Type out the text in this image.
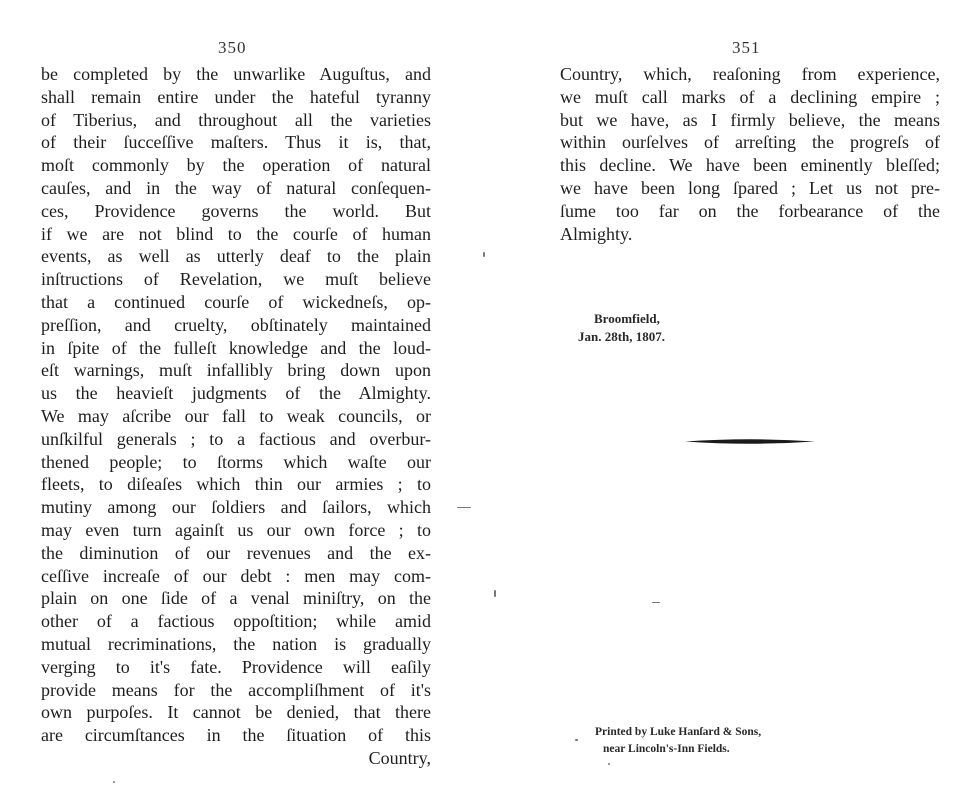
350
be completed by the unwarlike Auguſtus, and
shall remain entire under the hateful tyranny
of Tiberius, and throughout all the varieties
of their ſucceſſive maſters. Thus it is, that,
moſt commonly by the operation of natural
cauſes, and in the way of natural conſequen-
ces, Providence governs the world. But
if we are not blind to the courſe of human
events, as well as utterly deaf to the plain
inſtructions of Revelation, we muſt believe
that a continued courſe of wickedneſs, op-
preſſion, and cruelty, obſtinately maintained
in ſpite of the fulleſt knowledge and the loud-
eſt warnings, muſt infallibly bring down upon
us the heavieſt judgments of the Almighty.
We may aſcribe our fall to weak councils, or
unſkilful generals ; to a factious and overbur-
thened people; to ſtorms which waſte our
fleets, to diſeaſes which thin our armies ; to
mutiny among our ſoldiers and ſailors, which
may even turn againſt us our own force ; to
the diminution of our revenues and the ex-
ceſſive increaſe of our debt : men may com-
plain on one ſide of a venal miniſtry, on the
other of a factious oppoſtition; while amid
mutual recriminations, the nation is gradually
verging to it's fate. Providence will eaſily
provide means for the accompliſhment of it's
own purpoſes. It cannot be denied, that there
are circumſtances in the ſituation of this
Country,
351
Country, which, reaſoning from experience,
we muſt call marks of a declining empire ;
but we have, as I firmly believe, the means
within ourſelves of arreſting the progreſs of
this decline. We have been eminently bleſſed;
we have been long ſpared ; Let us not pre-
ſume too far on the forbearance of the
Almighty.
Broomfield,
Jan. 28th, 1807.
Printed by Luke Hanſard & Sons,
near Lincoln's-Inn Fields.
